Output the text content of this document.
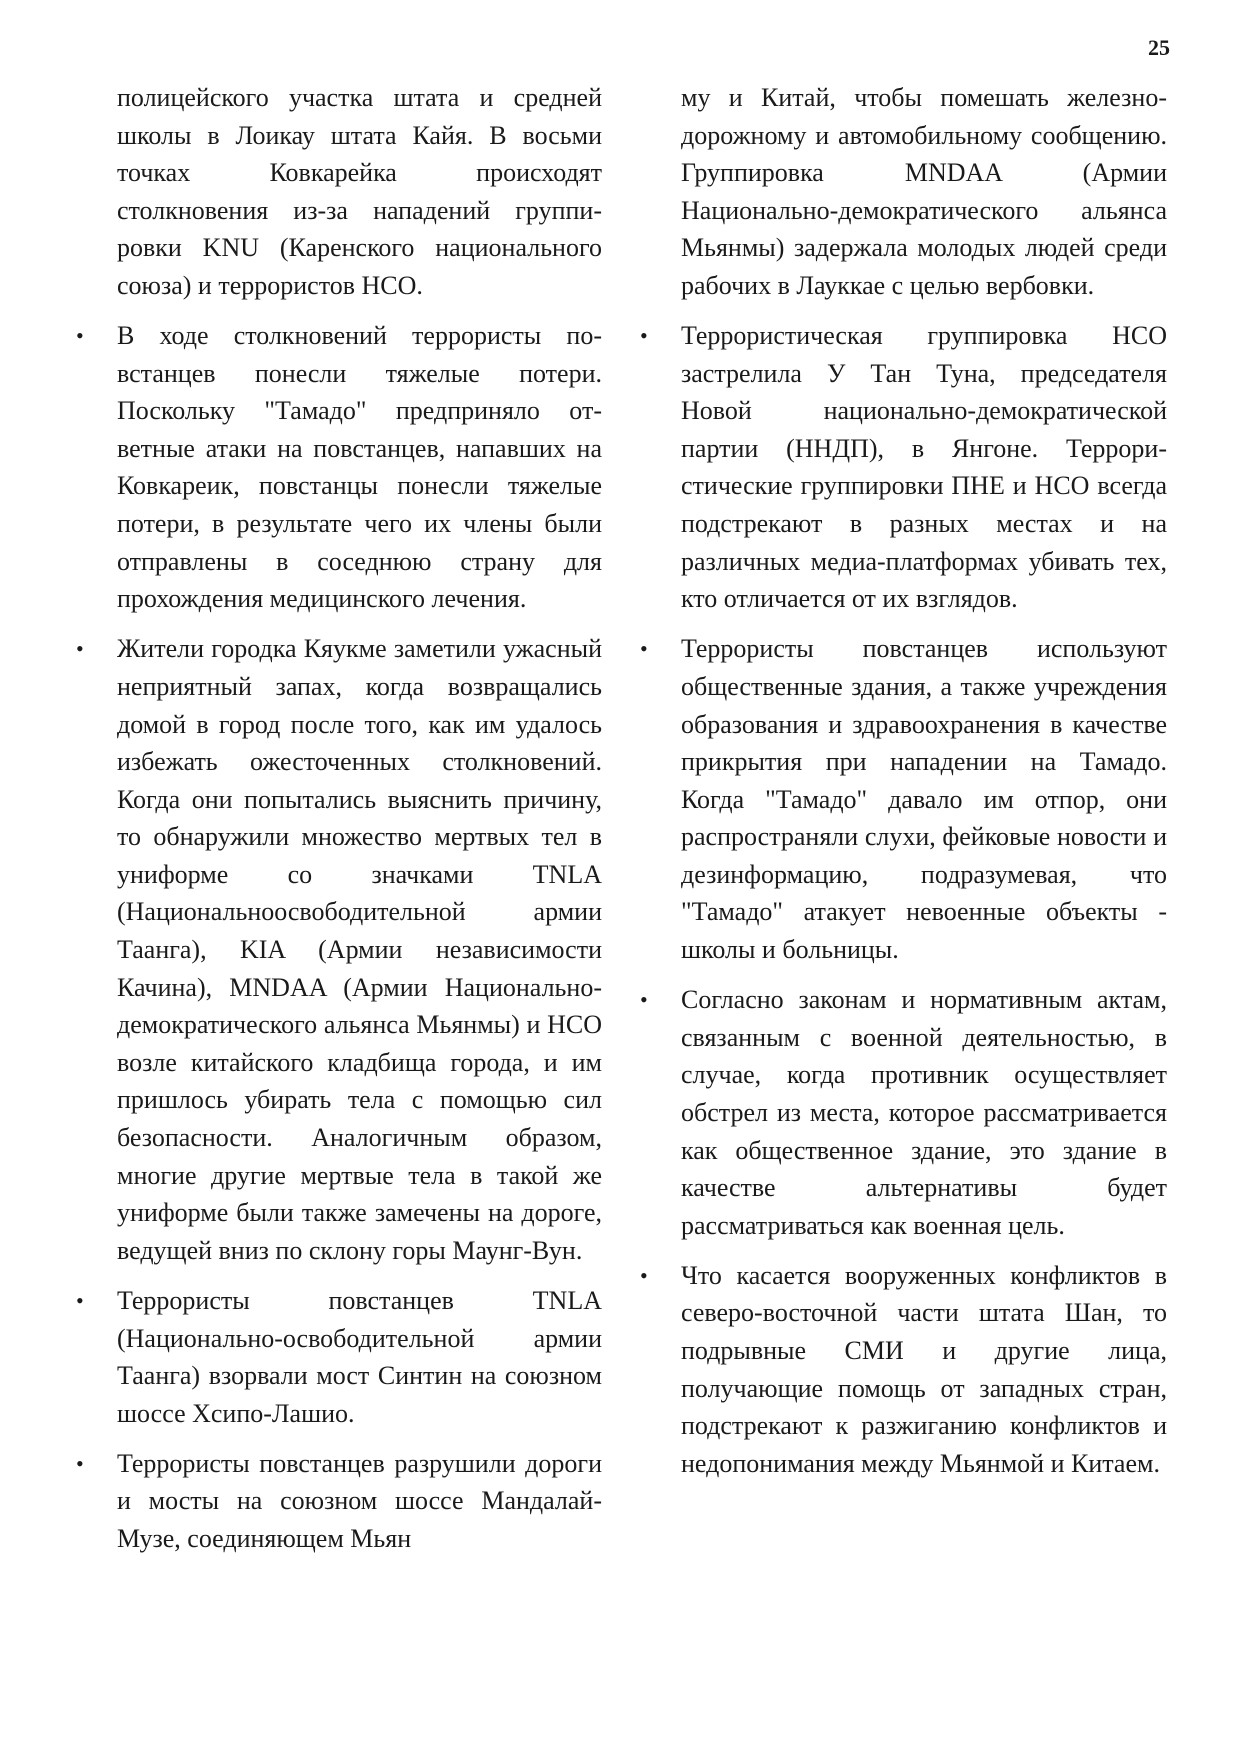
25

полицейского участка штата и средней школы в Лоикау штата Кайя. В восьми точках Ковкарейка происходят столкновения из-за нападений группировки KNU (Каренского национального союза) и террористов НСО.

• В ходе столкновений террористы повстанцев понесли тяжелые потери. Поскольку "Тамадо" предприняло ответные атаки на повстанцев, напавших на Ковкареик, повстанцы понесли тяжелые потери, в результате чего их члены были отправлены в соседнюю страну для прохождения медицинского лечения.

• Жители городка Кяукме заметили ужасный неприятный запах, когда возвращались домой в город после того, как им удалось избежать ожесточенных столкновений. Когда они попытались выяснить причину, то обнаружили множество мертвых тел в униформе со значками TNLA (Национальноосвободительной армии Таанга), KIA (Армии независимости Качина), MNDAA (Армии Национальнодемократического альянса Мьянмы) и НСО возле китайского кладбища города, и им пришлось убирать тела с помощью сил безопасности. Аналогичным образом, многие другие мертвые тела в такой же униформе были также замечены на дороге, ведущей вниз по склону горы Маунг-Вун.

• Террористы повстанцев TNLA (Национально-освободительной армии Таанга) взорвали мост Синтин на союзном шоссе Хсипо-Лашио.

• Террористы повстанцев разрушили дороги и мосты на союзном шоссе Мандалай-Музе, соединяющем Мьян

му и Китай, чтобы помешать железнодорожному и автомобильному сообщению. Группировка MNDAA (Армии Национально-демократического альянса Мьянмы) задержала молодых людей среди рабочих в Лауккае с целью вербовки.

• Террористическая группировка НСО застрелила У Тан Туна, председателя Новой национально-демократической партии (ННДП), в Янгоне. Террористические группировки ПНЕ и НСО всегда подстрекают в разных местах и на различных медиа-платформах убивать тех, кто отличается от их взглядов.

• Террористы повстанцев используют общественные здания, а также учреждения образования и здравоохранения в качестве прикрытия при нападении на Тамадо. Когда "Тамадо" давало им отпор, они распространяли слухи, фейковые новости и дезинформацию, подразумевая, что "Тамадо" атакует невоенные объекты - школы и больницы.

• Согласно законам и нормативным актам, связанным с военной деятельностью, в случае, когда противник осуществляет обстрел из места, которое рассматривается как общественное здание, это здание в качестве альтернативы будет рассматриваться как военная цель.

• Что касается вооруженных конфликтов в северо-восточной части штата Шан, то подрывные СМИ и другие лица, получающие помощь от западных стран, подстрекают к разжиганию конфликтов и недопонимания между Мьянмой и Китаем.
